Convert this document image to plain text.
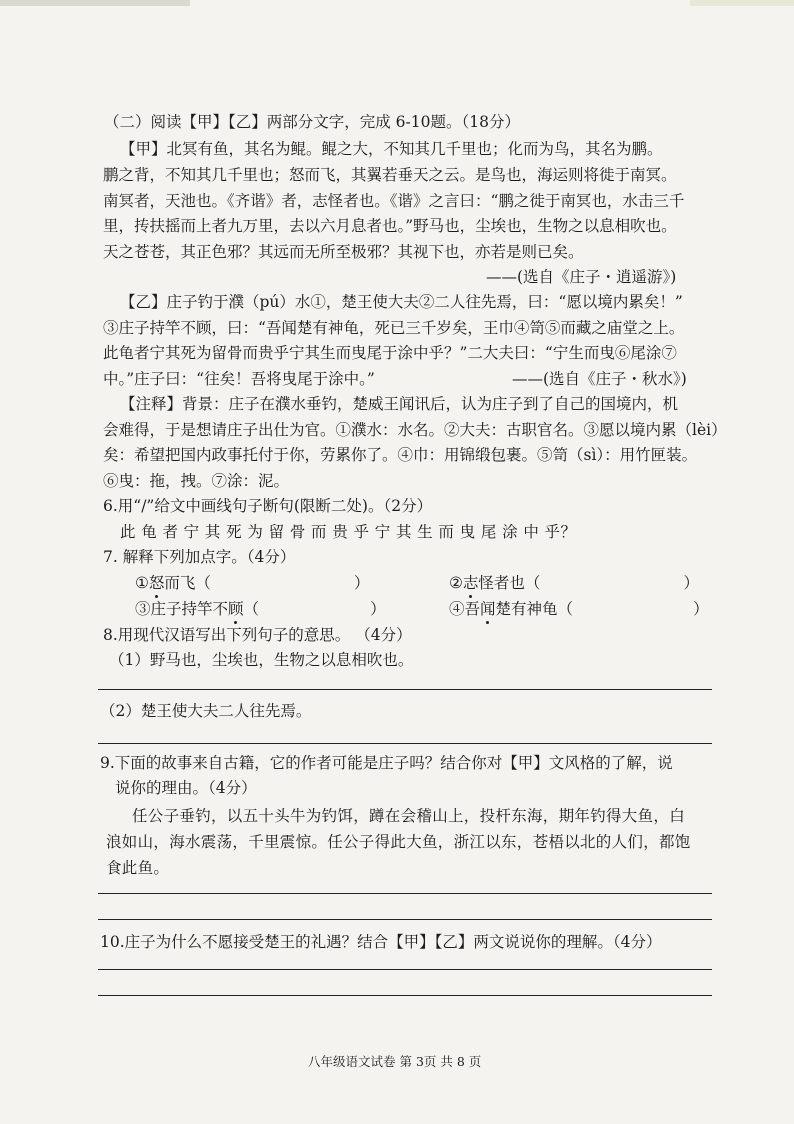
（二）阅读【甲】【乙】两部分文字，完成 6-10题。（18分）
【甲】北冥有鱼，其名为鲲。鲲之大，不知其几千里也；化而为鸟，其名为鹏。
鹏之背，不知其几千里也；怒而飞，其翼若垂天之云。是鸟也，海运则将徙于南冥。
南冥者，天池也。《齐谐》者，志怪者也。《谐》之言曰：“鹏之徙于南冥也，水击三千
里，抟扶摇而上者九万里，去以六月息者也。”野马也，尘埃也，生物之以息相吹也。
天之苍苍，其正色邪？其远而无所至极邪？其视下也，亦若是则已矣。
——(选自《庄子・逍遥游》)
【乙】庄子钓于濮（pú）水①，楚王使大夫②二人往先焉，曰：“愿以境内累矣！”
③庄子持竿不顾，曰：“吾闻楚有神龟，死已三千岁矣，王巾④笥⑤而藏之庙堂之上。
此龟者宁其死为留骨而贵乎宁其生而曳尾于涂中乎？”二大夫曰：“宁生而曳⑥尾涂⑦
中。”庄子曰：“往矣！吾将曳尾于涂中。”	——(选自《庄子・秋水》)
【注释】背景：庄子在濮水垂钓，楚威王闻讯后，认为庄子到了自己的国境内，机
会难得，于是想请庄子出仕为官。①濮水：水名。②大夫：古职官名。③愿以境内累（lèi）
矣：希望把国内政事托付于你，劳累你了。④巾：用锦缎包裹。⑤笥（sì）：用竹匣装。
⑥曳：拖，拽。⑦涂：泥。
6.用“/”给文中画线句子断句(限断二处)。（2分）
此 龟 者 宁 其 死 为 留 骨 而 贵 乎 宁 其 生 而 曳 尾 涂 中 乎？
7. 解释下列加点字。（4分）
①怒而飞（	）	②志怪者也（	）
③庄子持竿不顾（	）	④吾闻楚有神龟（	）
8.用现代汉语写出下列句子的意思。 （4分）
（1）野马也，尘埃也，生物之以息相吹也。
（2）楚王使大夫二人往先焉。
9.下面的故事来自古籍，它的作者可能是庄子吗？结合你对【甲】文风格的了解，说
说你的理由。（4分）
任公子垂钓，以五十头牛为钓饵，蹲在会稽山上，投杆东海，期年钓得大鱼，白
浪如山，海水震荡，千里震惊。任公子得此大鱼，浙江以东，苍梧以北的人们，都饱
食此鱼。
10.庄子为什么不愿接受楚王的礼遇？结合【甲】【乙】两文说说你的理解。（4分）
八年级语文试卷 第 3页 共 8 页
